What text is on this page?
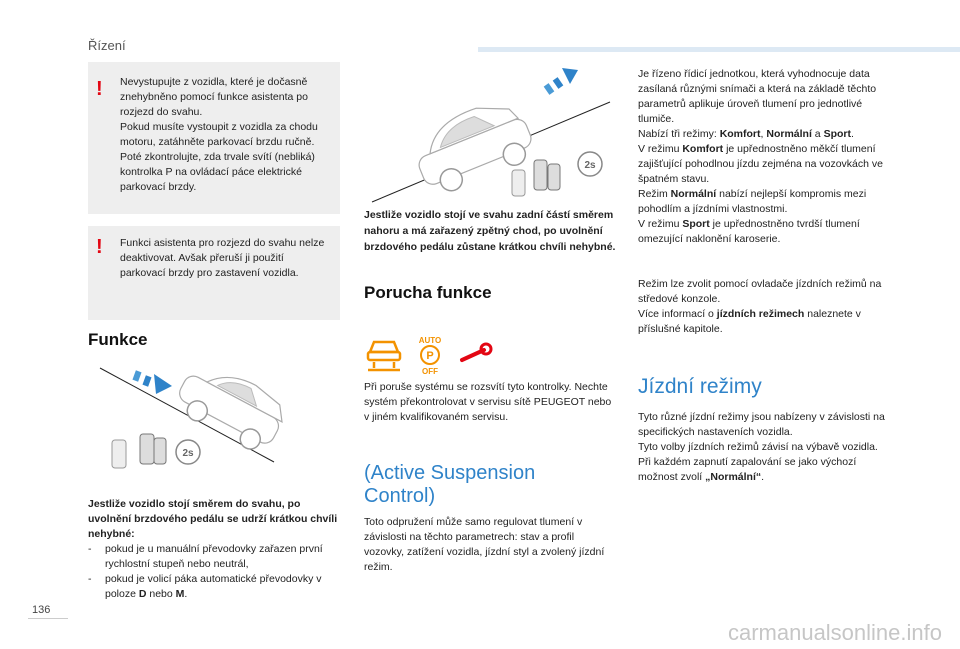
Řízení
! Nevystupujte z vozidla, které je dočasně znehybněno pomocí funkce asistenta po rozjezd do svahu.

Pokud musíte vystoupit z vozidla za chodu motoru, zatáhněte parkovací brzdu ručně. Poté zkontrolujte, zda trvale svítí (nebliká) kontrolka P na ovládací páce elektrické parkovací brzdy.

! Funkci asistenta pro rozjezd do svahu nelze deaktivovat. Avšak přeruší ji použití parkovací brzdy pro zastavení vozidla.

Funkce
2s

Jestliže vozidlo stojí směrem do svahu, po uvolnění brzdového pedálu se udrží krátkou chvíli nehybné:

- pokud je u manuální převodovky zařazen první rychlostní stupeň nebo neutrál,
- pokud je volicí páka automatické převodovky v poloze D nebo M.
2s
Jestliže vozidlo stojí ve svahu zadní částí směrem nahoru a má zařazený zpětný chod, po uvolnění brzdového pedálu zůstane krátkou chvíli nehybné.
Porucha funkce
AUTO
P
OFF
Při poruše systému se rozsvítí tyto kontrolky. Nechte systém překontrolovat v servisu sítě PEUGEOT nebo v jiném kvalifikovaném servisu.
(Active Suspension Control)
Toto odpružení může samo regulovat tlumení v závislosti na těchto parametrech: stav a profil vozovky, zatížení vozidla, jízdní styl a zvolený jízdní režim.

Je řízeno řídicí jednotkou, která vyhodnocuje data zasílaná různými snímači a která na základě těchto parametrů aplikuje úroveň tlumení pro jednotlivé tlumiče.

Nabízí tři režimy: Komfort, Normální a Sport.

V režimu Komfort je upřednostněno měkčí tlumení zajišťující pohodlnou jízdu zejména na vozovkách ve špatném stavu.

Režim Normální nabízí nejlepší kompromis mezi pohodlím a jízdními vlastnostmi.

V režimu Sport je upřednostněno tvrdší tlumení omezující naklonění karoserie.

Režim lze zvolit pomocí ovladače jízdních režimů na středové konzole.

Více informací o jízdních režimech naleznete v příslušné kapitole.

Jízdní režimy

Tyto různé jízdní režimy jsou nabízeny v závislosti na specifických nastaveních vozidla.

Tyto volby jízdních režimů závisí na výbavě vozidla.

Při každém zapnutí zapalování se jako výchozí možnost zvolí „Normální“.

136
carmanualsonline.info
